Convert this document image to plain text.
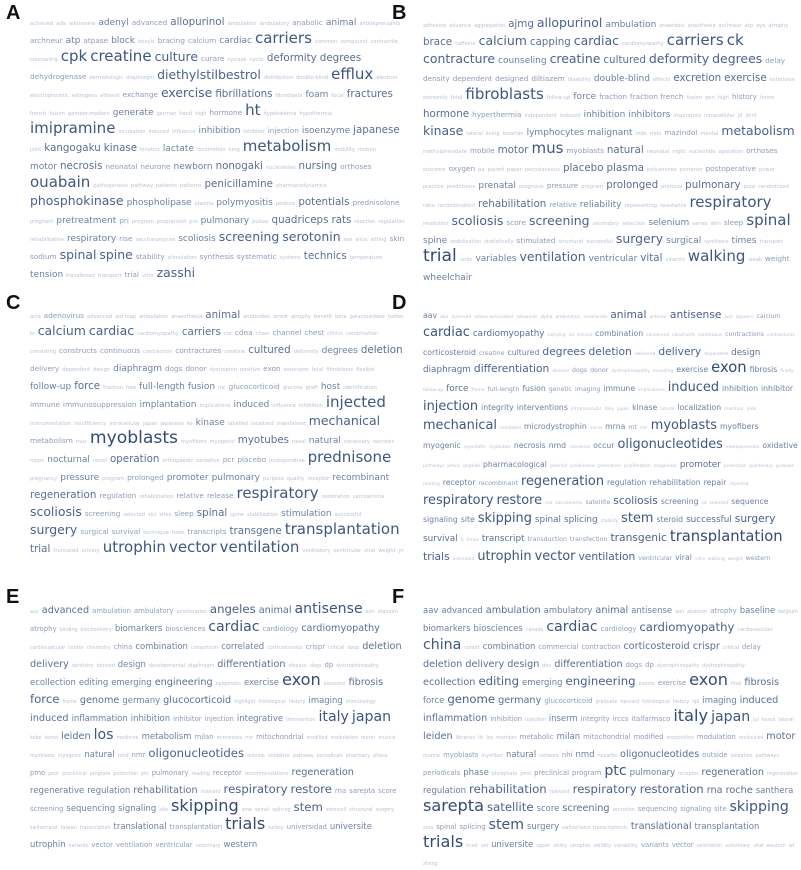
A achieved ada adenosine adenyl advanced allopurinol ambulation ambulatory anabolic animal antidepressantsarchneur atp atpase block boeyls bracing calcium cardiac carriers common compound contractilecounseling cpk creatine culture curare cyclase cyclic deformity degreesdehydrogenase dermatologic diaphragm diethylstilbestrol distribution double-blind efflux electronelectrophoretic estrogens ethanol exchange exercise fibrillations fibroblasts foam focal fracturesfrench fusion gamber-medwin generate german hand high hormone ht hypokalemia hypothermiaimipramine incubation induced influence inhibition inhibitor injection isoenzyme japanesejoint kangogaku kinase kinetics lactate locomotion lung metabolism mobility motionmotor necrosis neonatal neurone newborn nonogaki nucleotides nursing orthosesouabain pathogenesis pathway patients patterns penicillamine pharmacodynamicsphosphokinase phospholipase plasma polymyositis posture potentials prednisolonepregnant pretreatment pri program propranolol pro pulmonary pulses quadriceps rats reaction regulationrehabilitative respiratory rise saccharomyces scoliosis screening serotonin sex situs sitting skinsodium spinal spine stability stimulation synthesis systematic systems technics temperaturetension transferred transport trial vitro zasshi
B
adhesive advance aggregation ajmg allopurinol ambulation anaerobic anesthesia archneur atp ayo atrophybrace caffeine calcium capping cardiac cardiomyopathy carriers ckcontracture counseling creatine cultured deformity degrees delaydensity dependent designed diltiazem disability double-blind effects excretion exercise extensionextremity fetal fibroblasts follow-up force fraction fraction french fusion gen high history homehormone hyperthermia independent induced inhibition inhibitors inspiratory intracellular jd jointkinase lateral living losartan lymphocytes malignant mdx mdx mazindol mental metabolismmethylphenidate mobile motor mus myoblasts natural neonatal night nucleotide operation orthosesoutcome oxygen pa paired paper percutaneous placebo plasma polyamines posterior postoperative powerpractice prednisone prenatal prognosis pressure program prolonged protocol pulmonary pure randomizedratio recombination rehabilitation relative reliability representing resistance respiratoryresolution scoliosis score screening secondary selection selenium series skin sleep spinalspine stabilization statistically stimulated structural successful surgery surgical synthesis times transporttrial units variables ventilation ventricular vital vitamin walking weak weightwheelchair
C
acid adenovirus advanced aid map ambulation anaesthesia animal antibodies arrest atrophy benefit beta galactosidase betterbi calcium cardiac cardiomyopathy carriers cat cdna chain channel chest clinics combinationconsisting constructs continuous contraction contractures creatine cultured deformity degrees deletiondelivery dependent design diaphragm dogs donor dystrophin positive exon extension fetal fibroblasts flexiblefollow-up force fraction free full-length fusion inc glucocorticoid glucose graft host identificationimmune immunosuppression implantation implications induced influence inhibition injectedinstrumentation insufficiency intracellular japan japanese ke kinase labelled localized maintained mechanicalmetabolism mus myoblasts myofibers myogenic myotubes nasal natural necessary necrosisnippv nocturnal novel operation orthopaedic oxidative pcr placebo postoperative prednisonepregnancy pressure program prolonged promoter pulmonary purpose quality receptor recombinantregeneration regulation rehabilitation relative release respiratory restoration sarcolemmascoliosis screening selected sici sites sleep spinal spine stabilization stimulation successfulsurgery surgical survival technique town transcripts transgene transplantationtrial truncated urinary utrophin vector ventilation ventilatory ventricular viral weight yr
D
aav aba achieved adeno-associated advances alpha ambulation ameliorate animal anterior antisense aon appears calciumcardiac cardiomyopathy carrying cd clinical combination conserved constructs continuous contractions contracturescorticosteroid creatine cultured degrees deletion delivered delivery dependent designdiaphragm differentiation disease dogs donor dystrophinopathy encoding exercise exon fibrosis finallyfollow-up force frame full-length fusion genetic imaging immune implications induced inhibition inhibitorinjection integrity interventions intramuscular italy japan kinase lateral localization maintain mdxmechanical mediated microdystrophin micro mrna mt mtr myoblasts myofibersmyogenic myostatin myotubes necrosis nmd nonsense occur oligonucleotides overexpression oxidativepathways pelvic peptide pharmacological plasmid prednisone premature proliferation progenitor promoter protection pulmonary purposereading receptor recombinant regeneration regulation rehabilitation repair reportedrespiratory restore rna sarcolemma satellite scoliosis screening sd selected sequencesignaling site skipping spinal splicing stability stem steroid successful surgerysurvival tj times transcript transduction transfection transgenic transplantationtrials untreated utrophin vector ventilation ventricular viral vitro walking weight western
E
aav advanced ambulation ambulatory amelioration angeles animal antisense aon atalurenatrophy binding biochemistry biomarkers biosciences cardiac cardiology cardiomyopathycardiovascular center chemistry china combination consortium correlated corticosteroids crispr critical deep deletiondelivery dentistry derived design developmental diaphragm differentiation disease dogs dp dystrophinopathyecollection editing emerging engineering epigenetic exercise exon exosome fibrosisforce frame genome germany glucocorticoid highlight histological history imaging immunologyinduced inflammation inhibition inhibitor injection integrative intervention italy japankobe korea leiden los medicine metabolism milan minnesota mir mitochondrial modified modulation motor musclemyoblasts myogenic natural nmd nmr oligonucleotides outside oxidative pathway periodicals pharmacy phasepmo poor preclinical program protection pts pulmonary reading receptor recommendations regenerationregenerative regulation rehabilitation relevant respiratory restore rna sarepta scorescreening sequencing signaling site skipping sma spinal splicing stem stemcell structural surgeryswitzerland taiwan transcription translational transplantation trials turkey universidad universiteutrophin variants vector ventilation ventricular veterinary western
F
aav advanced ambulation ambulatory animal antisense aon ataluren atrophy baseline belgiumbiomarkers biosciences canada cardiac cardiology cardiomyopathy cardiovascularchina cohort combination commercial contraction corticosteroid crispr critical delaydeletion delivery design dev differentiation dogs dp dystrophinopathy dystrophinopathyecollection editing emerging engineering events exercise exon final fibrosisforce genome germany glucocorticoid graduate harvard histological history ilpi imaging inducedinflammation inhibition injection inserm integrity irccs italfarmaco italy japan jul korea lateralleiden libraries llc los member metabolic milan mitochondrial modified morpholino modulation molecules motormurine myoblasts myofiber natural network nhi nmd novartis oligonucleotides outside oxidative pathwaysperiodicals phase phosphate pmo preclinical program ptc pulmonary receptor regeneration regenerativeregulation rehabilitation relevant respiratory restoration rna roche santherasarepta satellite score screening secretion sequencing signaling site skippingsma spinal splicing stem surgery switzerland transcriptomic translational transplantationtrials trust uni universite upper utility utrophin validity variability variants vector ventilation veterinary vital western wtzheng
